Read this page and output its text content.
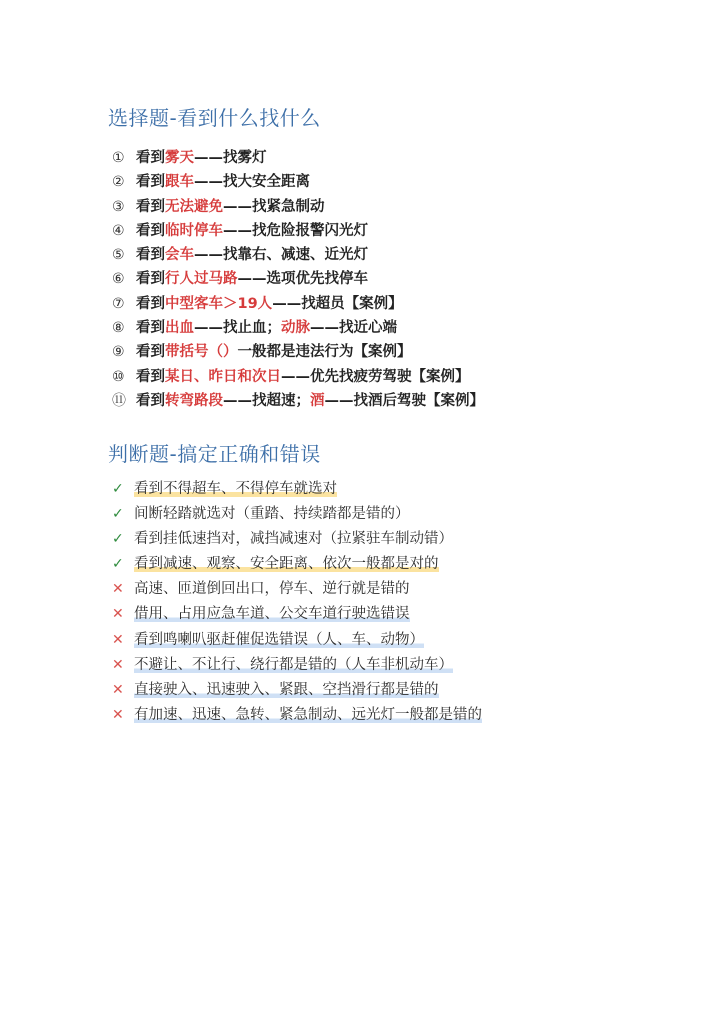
选择题-看到什么找什么
① 看到雾天——找雾灯
② 看到跟车——找大安全距离
③ 看到无法避免——找紧急制动
④ 看到临时停车——找危险报警闪光灯
⑤ 看到会车——找靠右、减速、近光灯
⑥ 看到行人过马路——选项优先找停车
⑦ 看到中型客车＞19人——找超员【案例】
⑧ 看到出血——找止血；动脉——找近心端
⑨ 看到带括号（）一般都是违法行为【案例】
⑩ 看到某日、昨日和次日——优先找疲劳驾驶【案例】
⑪ 看到转弯路段——找超速；酒——找酒后驾驶【案例】
判断题-搞定正确和错误
✓ 看到不得超车、不得停车就选对
✓ 间断轻踏就选对（重踏、持续踏都是错的）
✓ 看到挂低速挡对，减挡减速对（拉紧驻车制动错）
✓ 看到减速、观察、安全距离、依次一般都是对的
✕ 高速、匝道倒回出口，停车、逆行就是错的
✕ 借用、占用应急车道、公交车道行驶选错误
✕ 看到鸣喇叭驱赶催促选错误（人、车、动物）
✕ 不避让、不让行、绕行都是错的（人车非机动车）
✕ 直接驶入、迅速驶入、紧跟、空挡滑行都是错的
✕ 有加速、迅速、急转、紧急制动、远光灯一般都是错的
